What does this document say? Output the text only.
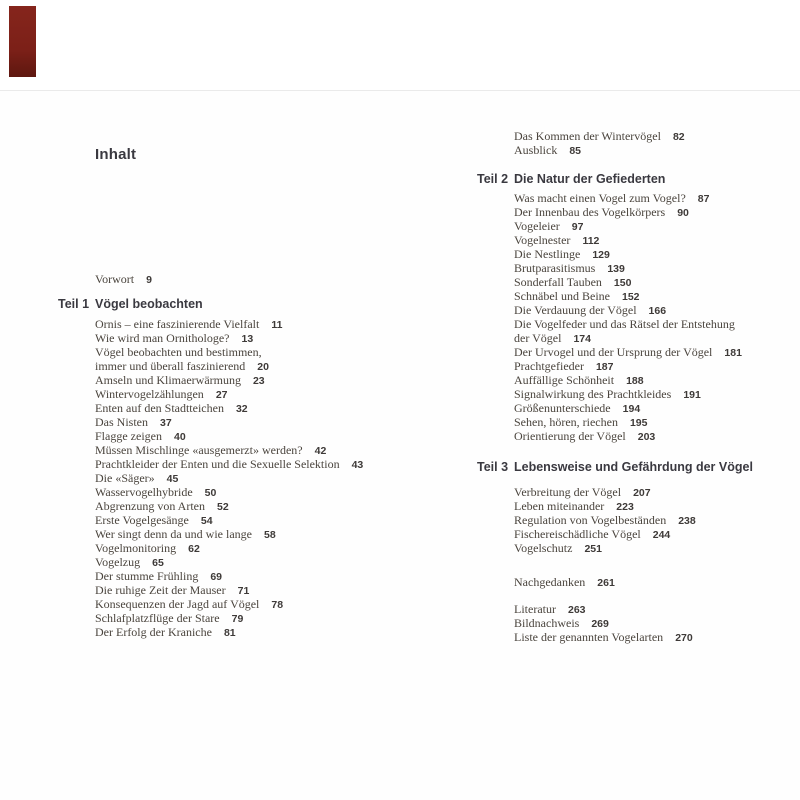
Inhalt
Vorwort 9
Teil 1 Vögel beobachten
Ornis – eine faszinierende Vielfalt 11
Wie wird man Ornithologe? 13
Vögel beobachten und bestimmen,
immer und überall faszinierend 20
Amseln und Klimaerwärmung 23
Wintervogelzählungen 27
Enten auf den Stadtteichen 32
Das Nisten 37
Flagge zeigen 40
Müssen Mischlinge «ausgemerzt» werden? 42
Prachtkleider der Enten und die Sexuelle Selektion 43
Die «Säger» 45
Wasservogelhybride 50
Abgrenzung von Arten 52
Erste Vogelgesänge 54
Wer singt denn da und wie lange 58
Vogelmonitoring 62
Vogelzug 65
Der stumme Frühling 69
Die ruhige Zeit der Mauser 71
Konsequenzen der Jagd auf Vögel 78
Schlafplatzflüge der Stare 79
Der Erfolg der Kraniche 81
Das Kommen der Wintervögel 82
Ausblick 85
Teil 2 Die Natur der Gefiederten
Was macht einen Vogel zum Vogel? 87
Der Innenbau des Vogelkörpers 90
Vogeleier 97
Vogelnester 112
Die Nestlinge 129
Brutparasitismus 139
Sonderfall Tauben 150
Schnäbel und Beine 152
Die Verdauung der Vögel 166
Die Vogelfeder und das Rätsel der Entstehung
der Vögel 174
Der Urvogel und der Ursprung der Vögel 181
Prachtgefieder 187
Auffällige Schönheit 188
Signalwirkung des Prachtkleides 191
Größenunterschiede 194
Sehen, hören, riechen 195
Orientierung der Vögel 203
Teil 3 Lebensweise und Gefährdung der Vögel
Verbreitung der Vögel 207
Leben miteinander 223
Regulation von Vogelbeständen 238
Fischereischädliche Vögel 244
Vogelschutz 251
Nachgedanken 261
Literatur 263
Bildnachweis 269
Liste der genannten Vogelarten 270
